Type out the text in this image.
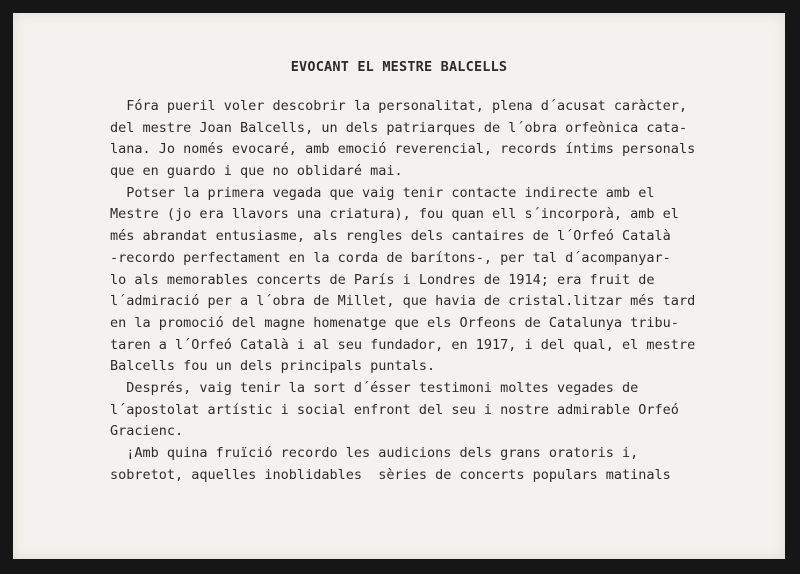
EVOCANT EL MESTRE BALCELLS
Fóra pueril voler descobrir la personalitat, plena d´acusat caràcter,
del mestre Joan Balcells, un dels patriarques de l´obra orfeònica cata-
lana. Jo només evocaré, amb emoció reverencial, records íntims personals
que en guardo i que no oblidaré mai.
Potser la primera vegada que vaig tenir contacte indirecte amb el
Mestre (jo era llavors una criatura), fou quan ell s´incorporà, amb el
més abrandat entusiasme, als rengles dels cantaires de l´Orfeó Català
-recordo perfectament en la corda de barítons-, per tal d´acompanyar-
lo als memorables concerts de París i Londres de 1914; era fruit de
l´admiració per a l´obra de Millet, que havia de cristal.litzar més tard
en la promoció del magne homenatge que els Orfeons de Catalunya tribu-
taren a l´Orfeó Català i al seu fundador, en 1917, i del qual, el mestre
Balcells fou un dels principals puntals.
Després, vaig tenir la sort d´ésser testimoni moltes vegades de
l´apostolat artístic i social enfront del seu i nostre admirable Orfeó
Gracienc.
¡Amb quina fruïció recordo les audicions dels grans oratoris i,
sobretot, aquelles inoblidables  sèries de concerts populars matinals
